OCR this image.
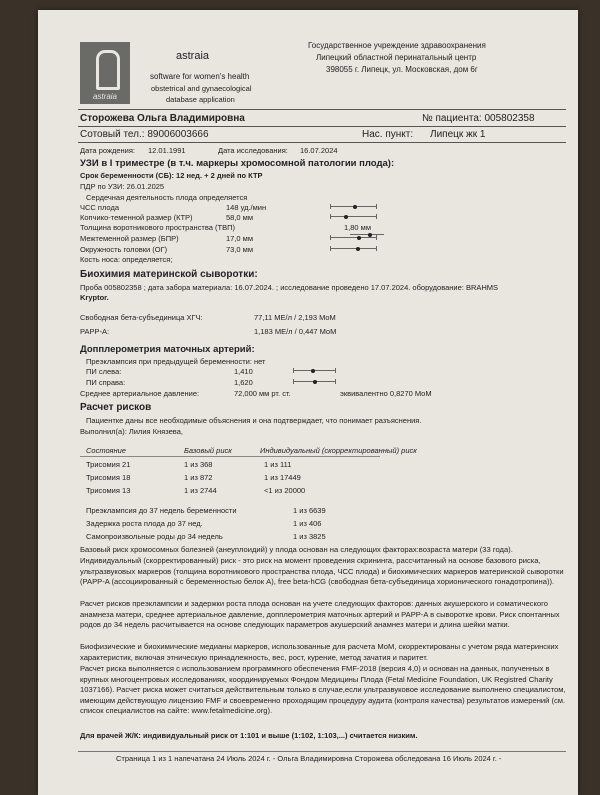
astraia
astraia
software for women's health
obstetrical and gynaecological
database application
Государственное учреждение здравоохранения
Липецкий областной перинатальный центр
398055 г. Липецк, ул. Московская, дом 6г
Сторожева Ольга Владимировна	№ пациента: 005802358
Сотовый тел.: 89006003666	Нас. пункт: Липецк жк 1
Дата рождения: 12.01.1991	Дата исследования: 16.07.2024
УЗИ в I триместре (в т.ч. маркеры хромосомной патологии плода):
Срок беременности (СБ): 12 нед. + 2 дней по КТР
ПДР по УЗИ: 26.01.2025
Сердечная деятельность плода определяется
ЧСС плода	148 уд./мин
Копчико-теменной размер (КТР)	58,0 мм
Толщина воротникового пространства (ТВП)	1,80 мм
Межтеменной размер (БПР)	17,0 мм
Окружность головки (ОГ)	73,0 мм
Кость носа: определяется;
Биохимия материнской сыворотки:
Проба 005802358 ; дата забора материала: 16.07.2024. ; исследование проведено 17.07.2024. оборудование: BRAHMS
Kryptor.
Свободная бета-субъединица ХГЧ:	77,11 МЕ/л / 2,193 MoM
PAPP-A:	1,183 МЕ/л / 0,447 MoM
Допплерометрия маточных артерий:
Преэклампсия при предыдущей беременности: нет
ПИ слева:	1,410
ПИ справа:	1,620
Среднее артериальное давление:	72,000 мм рт. ст.	эквивалентно 0,8270 MoM
Расчет рисков
Пациентке даны все необходимые объяснения и она подтверждает, что понимает разъяснения.
Выполнил(а): Лилия Князева,
Состояние	Базовый риск	Индивидуальный (скорректированный) риск
Трисомия 21	1 из 368	1 из 111
Трисомия 18	1 из 872	1 из 17449
Трисомия 13	1 из 2744	<1 из 20000
Преэклампсия до 37 недель беременности	1 из 6639
Задержка роста плода до 37 нед.	1 из 406
Самопроизвольные роды до 34 недель	1 из 3825
Базовый риск хромосомных болезней (анеуплоидий) у плода основан на следующих факторах:возраста матери (33 года).
Индивидуальный (скорректированный) риск - это риск на момент проведения скрининга, рассчитанный на основе базового риска, ультразвуковых маркеров (толщина воротникового пространства плода, ЧСС плода) и биохимических маркеров материнской сыворотки (PAPP-A (ассоциированный с беременностью белок А), free beta-hCG (свободная бета-субъединица хорионического гонадотропина)).
Расчет рисков преэклампсии и задержки роста плода основан на учете следующих факторов: данных акушерского и соматического анамнеза матери, среднее артериальное давление, допплерометрия маточных артерий и PAPP-A в сыворотке крови. Риск спонтанных родов до 34 недель расчитывается на основе следующих параметров акушерский анамнез матери и длина шейки матки.
Биофизические и биохимические медианы маркеров, использованные для расчета МоМ, скорректированы с учетом ряда материнских характеристик, включая этническую принадлежность, вес, рост, курение, метод зачатия и паритет.
Расчет риска выполняется с использованием программного обеспечения FMF-2018 (версия 4,0) и основан на данных, полученных в крупных многоцентровых исследованиях, координируемых Фондом Медицины Плода (Fetal Medicine Foundation, UK Registred Charity 1037166). Расчет риска может считаться действительным только в случае,если ультразвуковое исследование выполнено специалистом, имеющим действующую лицензию FMF и своевременно проходящим процедуру аудита (контроля качества) результатов измерений (см. список специалистов на сайте: www.fetalmedicine.org).
Для врачей Ж/К: индивидуальный риск от 1:101 и выше (1:102, 1:103,...) считается низким.
Страница 1 из 1 напечатана 24 Июль 2024 г. - Ольга Владимировна Сторожева обследована 16 Июль 2024 г. -
